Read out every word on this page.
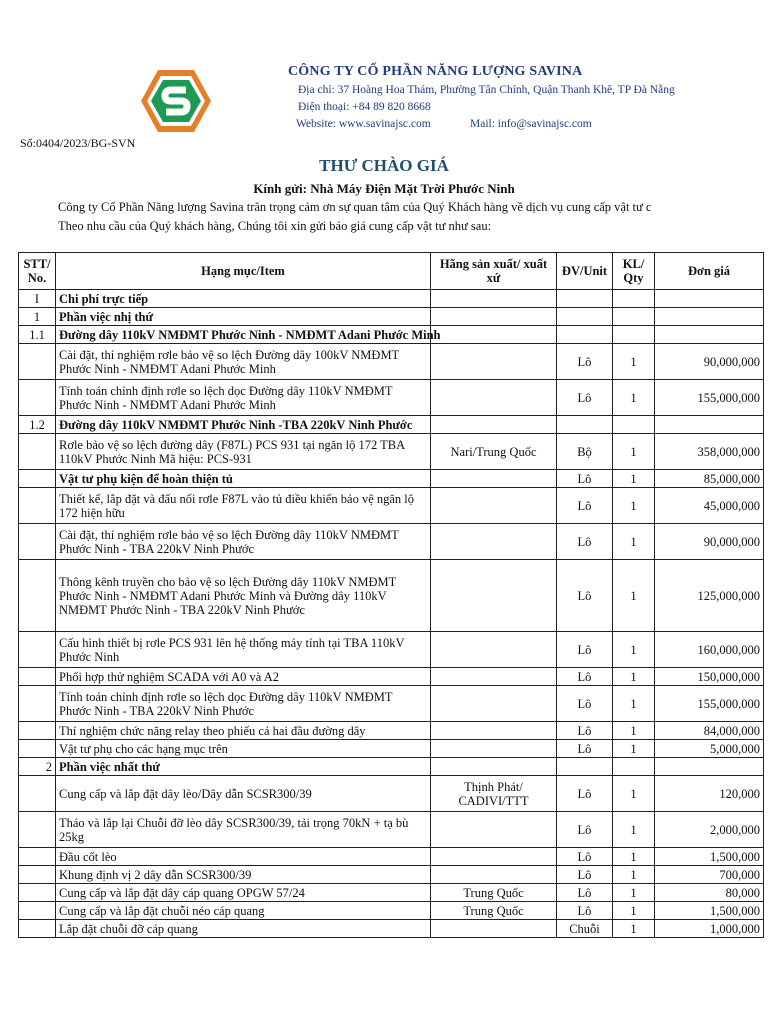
CÔNG TY CỔ PHẦN NĂNG LƯỢNG SAVINA
Địa chỉ: 37 Hoàng Hoa Thám, Phường Tân Chính, Quận Thanh Khê, TP Đà Nẵng
Điện thoại: +84 89 820 8668
Website: www.savinajsc.com	Mail: info@savinajsc.com
Số:0404/2023/BG-SVN
THƯ CHÀO GIÁ
Kính gửi: Nhà Máy Điện Mặt Trời Phước Ninh
Công ty Cổ Phần Năng lượng Savina trân trọng cảm ơn sự quan tâm của Quý Khách hàng về dịch vụ cung cấp vật tư c
Theo nhu cầu của Quý khách hàng, Chúng tôi xin gửi báo giá cung cấp vật tư như sau:
STT/ No.	Hạng mục/Item	Hãng sản xuất/ xuất xứ	ĐV/Unit	KL/ Qty	Đơn giá
I	Chi phí trực tiếp				
1	Phần việc nhị thứ				
1.1	Đường dây 110kV NMĐMT Phước Ninh - NMĐMT Adani Phước Minh				
	Cài đặt, thí nghiệm rơle bảo vệ so lệch Đường dây 100kV NMĐMT Phước Ninh - NMĐMT Adani Phước Minh		Lô	1	90,000,000
	Tính toán chỉnh định rơle so lệch dọc Đường dây 110kV NMĐMT Phước Ninh - NMĐMT Adani Phước Minh		Lô	1	155,000,000
1.2	Đường dây 110kV NMĐMT Phước Ninh -TBA 220kV Ninh Phước				
	Rơle bảo vệ so lệch đường dây (F87L) PCS 931 tại ngăn lộ 172 TBA 110kV Phước Ninh Mã hiệu: PCS-931	Nari/Trung Quốc	Bộ	1	358,000,000
	Vật tư phụ kiện để hoàn thiện tủ		Lô	1	85,000,000
	Thiết kế, lắp đặt và đấu nối rơle F87L vào tủ điều khiển bảo vệ ngăn lộ 172 hiện hữu		Lô	1	45,000,000
	Cài đặt, thí nghiệm rơle bảo vệ so lệch Đường dây 110kV NMĐMT Phước Ninh - TBA 220kV Ninh Phước		Lô	1	90,000,000
	Thông kênh truyền cho bảo vệ so lệch Đường dây 110kV NMĐMT Phước Ninh - NMĐMT Adani Phước Minh và Đường dây 110kV NMĐMT Phước Ninh - TBA 220kV Ninh Phước		Lô	1	125,000,000
	Cấu hình thiết bị rơle PCS 931 lên hệ thống máy tính tại TBA 110kV Phước Ninh		Lô	1	160,000,000
	Phối hợp thử nghiệm SCADA với A0 và A2		Lô	1	150,000,000
	Tính toán chỉnh định rơle so lệch dọc Đường dây 110kV NMĐMT Phước Ninh - TBA 220kV Ninh Phước		Lô	1	155,000,000
	Thí nghiệm chức năng relay theo phiếu cả hai đầu đường dây		Lô	1	84,000,000
	Vật tư phụ cho các hạng mục trên		Lô	1	5,000,000
2	Phần việc nhất thứ				
	Cung cấp và lắp đặt dây lèo/Dây dẫn SCSR300/39	Thịnh Phát/ CADIVI/TTT	Lô	1	120,000
	Tháo và lắp lại Chuỗi đỡ lèo dây SCSR300/39, tải trọng 70kN + tạ bù 25kg		Lô	1	2,000,000
	Đầu cốt lèo		Lô	1	1,500,000
	Khung định vị 2 dây dẫn SCSR300/39		Lô	1	700,000
	Cung cấp và lắp đặt dây cáp quang OPGW 57/24	Trung Quốc	Lô	1	80,000
	Cung cấp và lắp đặt chuỗi néo cáp quang	Trung Quốc	Lô	1	1,500,000
	Lắp đặt chuỗi đỡ cáp quang		Chuỗi	1	1,000,000
